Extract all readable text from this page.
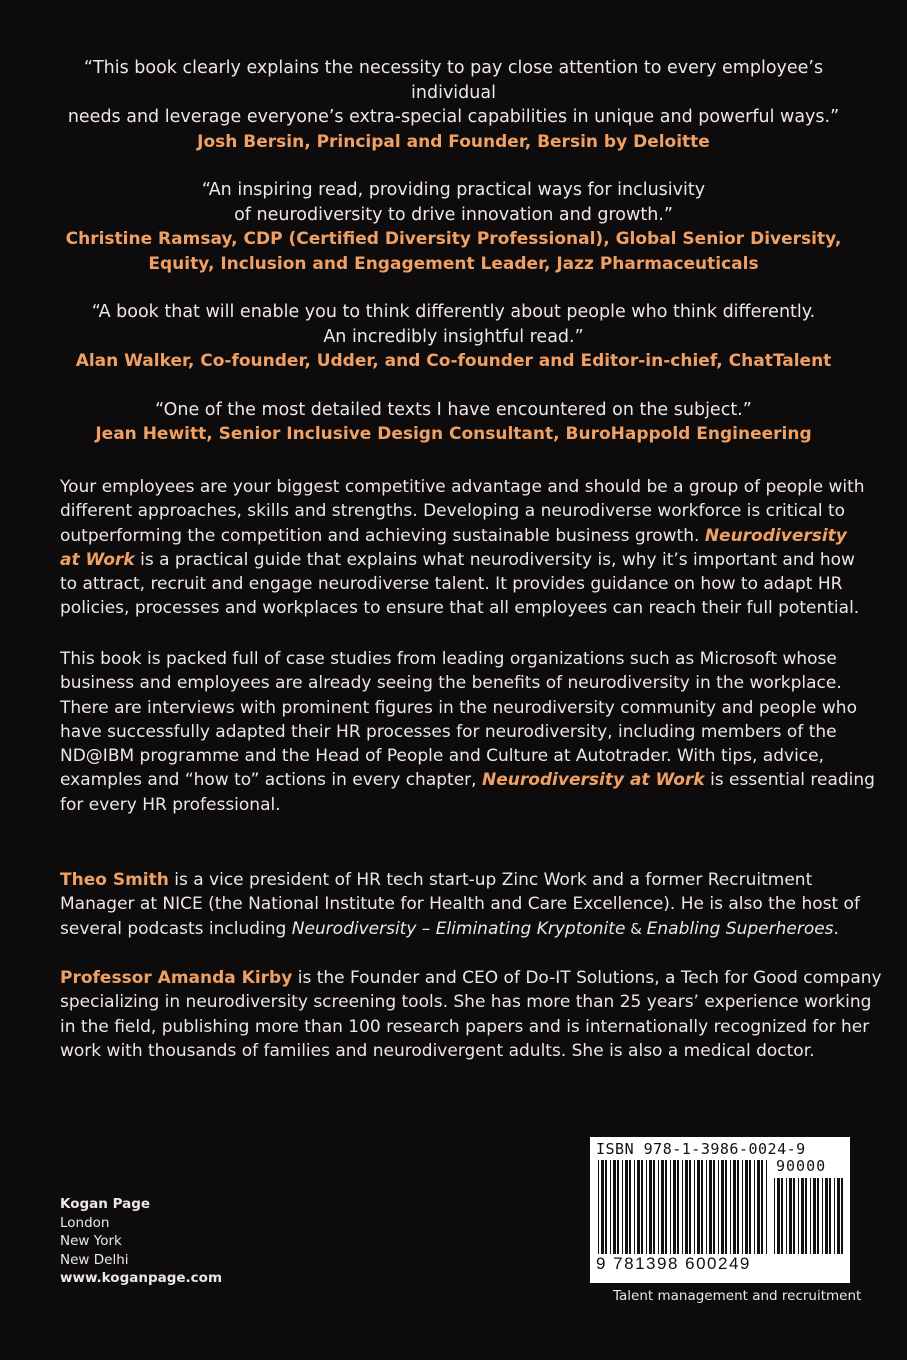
“This book clearly explains the necessity to pay close attention to every employee’s individual
needs and leverage everyone’s extra-special capabilities in unique and powerful ways.”
Josh Bersin, Principal and Founder, Bersin by Deloitte
“An inspiring read, providing practical ways for inclusivity
of neurodiversity to drive innovation and growth.”
Christine Ramsay, CDP (Certified Diversity Professional), Global Senior Diversity,
Equity, Inclusion and Engagement Leader, Jazz Pharmaceuticals
“A book that will enable you to think differently about people who think differently.
An incredibly insightful read.”
Alan Walker, Co-founder, Udder, and Co-founder and Editor-in-chief, ChatTalent
“One of the most detailed texts I have encountered on the subject.”
Jean Hewitt, Senior Inclusive Design Consultant, BuroHappold Engineering
Your employees are your biggest competitive advantage and should be a group of people with
different approaches, skills and strengths. Developing a neurodiverse workforce is critical to
outperforming the competition and achieving sustainable business growth. Neurodiversity
at Work is a practical guide that explains what neurodiversity is, why it’s important and how
to attract, recruit and engage neurodiverse talent. It provides guidance on how to adapt HR
policies, processes and workplaces to ensure that all employees can reach their full potential.
This book is packed full of case studies from leading organizations such as Microsoft whose
business and employees are already seeing the benefits of neurodiversity in the workplace.
There are interviews with prominent figures in the neurodiversity community and people who
have successfully adapted their HR processes for neurodiversity, including members of the
ND@IBM programme and the Head of People and Culture at Autotrader. With tips, advice,
examples and “how to” actions in every chapter, Neurodiversity at Work is essential reading
for every HR professional.
Theo Smith is a vice president of HR tech start-up Zinc Work and a former Recruitment
Manager at NICE (the National Institute for Health and Care Excellence). He is also the host of
several podcasts including Neurodiversity – Eliminating Kryptonite & Enabling Superheroes.
Professor Amanda Kirby is the Founder and CEO of Do-IT Solutions, a Tech for Good company
specializing in neurodiversity screening tools. She has more than 25 years’ experience working
in the field, publishing more than 100 research papers and is internationally recognized for her
work with thousands of families and neurodivergent adults. She is also a medical doctor.
Kogan Page
London
New York
New Delhi
www.koganpage.com
ISBN 978-1-3986-0024-9
90000
9 781398 600249
Talent management and recruitment
